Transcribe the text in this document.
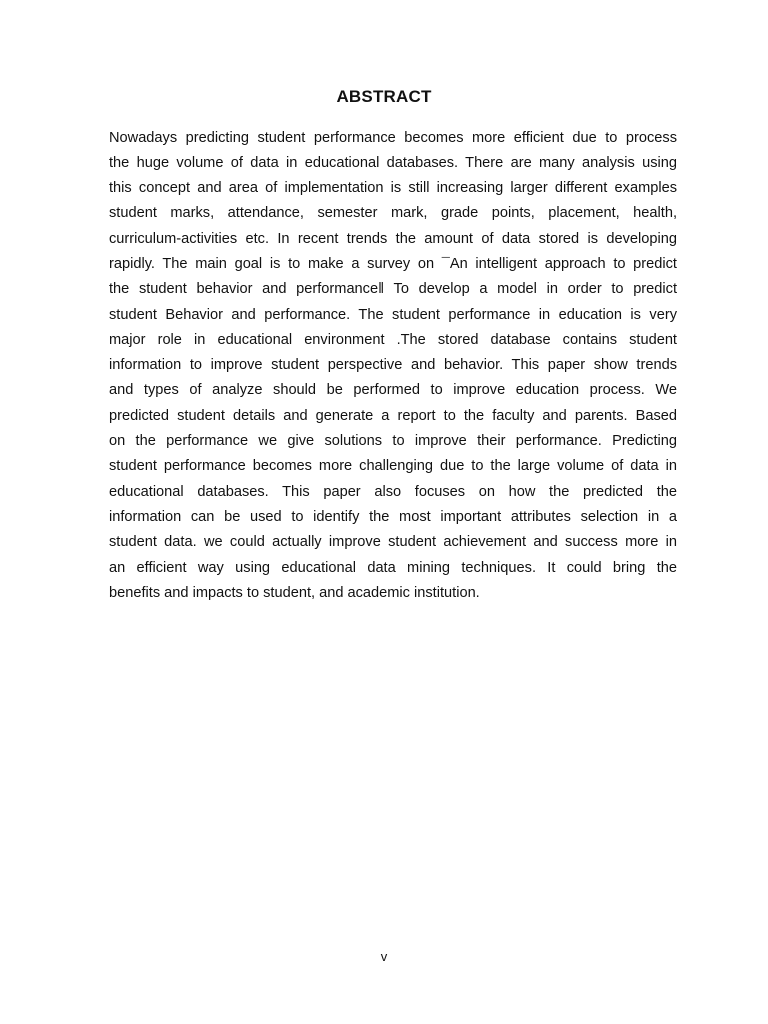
ABSTRACT

Nowadays predicting student performance becomes more efficient due to process
the huge volume of data in educational databases. There are many analysis using
this concept and area of implementation is still increasing larger different examples
student marks, attendance, semester mark, grade points, placement, health,
curriculum-activities etc. In recent trends the amount of data stored is developing
rapidly. The main goal is to make a survey on ¯An intelligent approach to predict
the student behavior and performance‖ To develop a model in order to predict
student Behavior and performance. The student performance in education is very
major role in educational environment .The stored database contains student
information to improve student perspective and behavior. This paper show trends
and types of analyze should be performed to improve education process. We
predicted student details and generate a report to the faculty and parents. Based
on the performance we give solutions to improve their performance. Predicting
student performance becomes more challenging due to the large volume of data in
educational databases. This paper also focuses on how the predicted the
information can be used to identify the most important attributes selection in a
student data. we could actually improve student achievement and success more in
an efficient way using educational data mining techniques. It could bring the
benefits and impacts to student, and academic institution.

v
